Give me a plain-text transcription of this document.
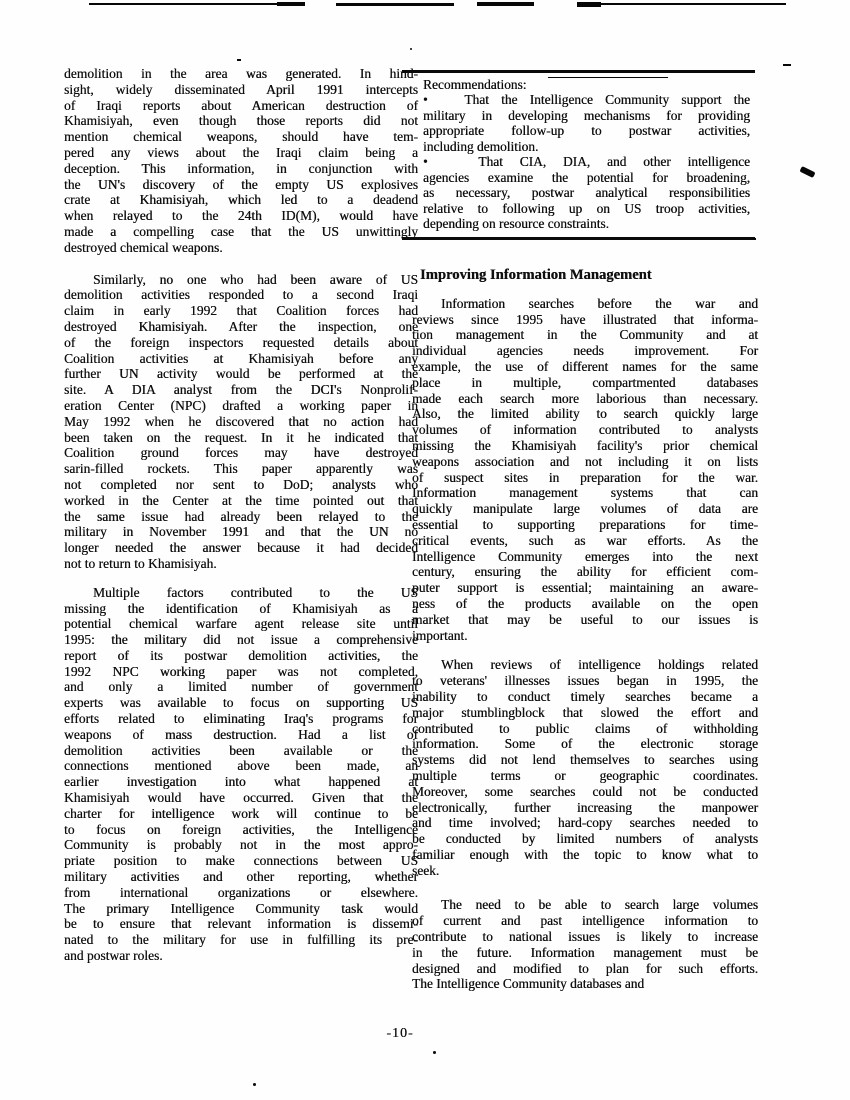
demolition in the area was generated. In hind-
sight, widely disseminated April 1991 intercepts
of Iraqi reports about American destruction of
Khamisiyah, even though those reports did not
mention chemical weapons, should have tem-
pered any views about the Iraqi claim being a
deception. This information, in conjunction with
the UN's discovery of the empty US explosives
crate at Khamisiyah, which led to a deadend
when relayed to the 24th ID(M), would have
made a compelling case that the US unwittingly
destroyed chemical weapons.
Similarly, no one who had been aware of US
demolition activities responded to a second Iraqi
claim in early 1992 that Coalition forces had
destroyed Khamisiyah. After the inspection, one
of the foreign inspectors requested details about
Coalition activities at Khamisiyah before any
further UN activity would be performed at the
site. A DIA analyst from the DCI's Nonprolif-
eration Center (NPC) drafted a working paper in
May 1992 when he discovered that no action had
been taken on the request. In it he indicated that
Coalition ground forces may have destroyed
sarin-filled rockets. This paper apparently was
not completed nor sent to DoD; analysts who
worked in the Center at the time pointed out that
the same issue had already been relayed to the
military in November 1991 and that the UN no
longer needed the answer because it had decided
not to return to Khamisiyah.
Multiple factors contributed to the US
missing the identification of Khamisiyah as a
potential chemical warfare agent release site until
1995: the military did not issue a comprehensive
report of its postwar demolition activities, the
1992 NPC working paper was not completed,
and only a limited number of government
experts was available to focus on supporting US
efforts related to eliminating Iraq's programs for
weapons of mass destruction. Had a list of
demolition activities been available or the
connections mentioned above been made, an
earlier investigation into what happened at
Khamisiyah would have occurred. Given that the
charter for intelligence work will continue to be
to focus on foreign activities, the Intelligence
Community is probably not in the most appro-
priate position to make connections between US
military activities and other reporting, whether
from international organizations or elsewhere.
The primary Intelligence Community task would
be to ensure that relevant information is dissemi-
nated to the military for use in fulfilling its pre-
and postwar roles.
Recommendations:
•   That the Intelligence Community support the
military in developing mechanisms for providing
appropriate follow-up to postwar activities,
including demolition.
•   That CIA, DIA, and other intelligence
agencies examine the potential for broadening,
as necessary, postwar analytical responsibilities
relative to following up on US troop activities,
depending on resource constraints.
Improving Information Management
Information searches before the war and
reviews since 1995 have illustrated that informa-
tion management in the Community and at
individual agencies needs improvement. For
example, the use of different names for the same
place in multiple, compartmented databases
made each search more laborious than necessary.
Also, the limited ability to search quickly large
volumes of information contributed to analysts
missing the Khamisiyah facility's prior chemical
weapons association and not including it on lists
of suspect sites in preparation for the war.
Information management systems that can
quickly manipulate large volumes of data are
essential to supporting preparations for time-
critical events, such as war efforts. As the
Intelligence Community emerges into the next
century, ensuring the ability for efficient com-
puter support is essential; maintaining an aware-
ness of the products available on the open
market that may be useful to our issues is
important.
When reviews of intelligence holdings related
to veterans' illnesses issues began in 1995, the
inability to conduct timely searches became a
major stumblingblock that slowed the effort and
contributed to public claims of withholding
information. Some of the electronic storage
systems did not lend themselves to searches using
multiple terms or geographic coordinates.
Moreover, some searches could not be conducted
electronically, further increasing the manpower
and time involved; hard-copy searches needed to
be conducted by limited numbers of analysts
familiar enough with the topic to know what to
seek.
The need to be able to search large volumes
of current and past intelligence information to
contribute to national issues is likely to increase
in the future. Information management must be
designed and modified to plan for such efforts.
The Intelligence Community databases and
-10-
